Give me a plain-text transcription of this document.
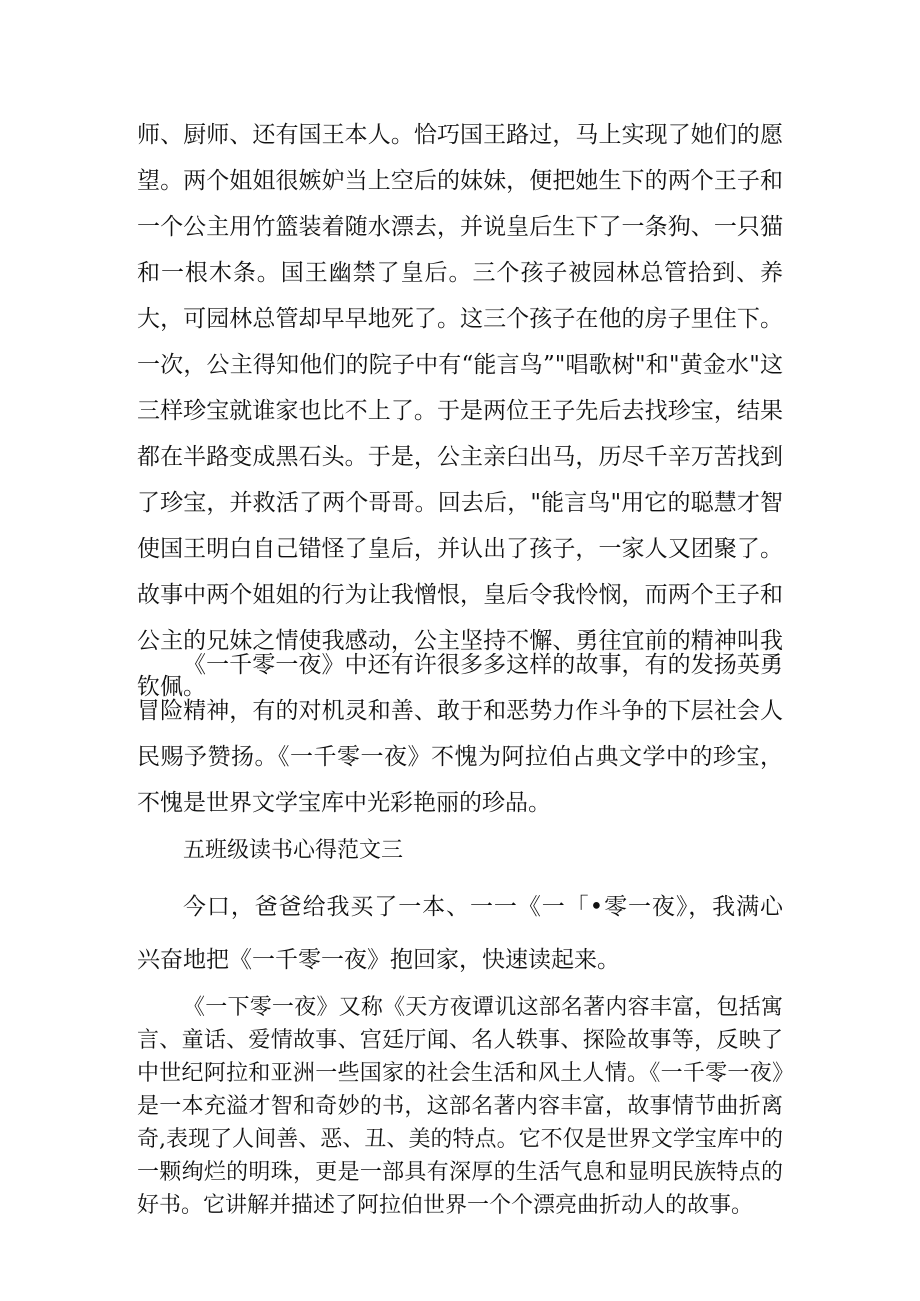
师、厨师、还有国王本人。恰巧国王路过，马上实现了她们的愿望。两个姐姐很嫉妒当上空后的妹妹，便把她生下的两个王子和一个公主用竹篮装着随水漂去，并说皇后生下了一条狗、一只猫和一根木条。国王幽禁了皇后。三个孩子被园林总管拾到、养大，可园林总管却早早地死了。这三个孩子在他的房子里住下。一次，公主得知他们的院子中有“能言鸟”"唱歌树"和"黄金水"这三样珍宝就谁家也比不上了。于是两位王子先后去找珍宝，结果都在半路变成黑石头。于是，公主亲臼出马，历尽千辛万苦找到了珍宝，并救活了两个哥哥。回去后，"能言鸟"用它的聪慧才智使国王明白自己错怪了皇后，并认出了孩子，一家人又团聚了。故事中两个姐姐的行为让我憎恨，皇后令我怜悯，而两个王子和公主的兄妹之情使我感动，公主坚持不懈、勇往宜前的精神叫我钦佩。

《一千零一夜》中还有许很多多这样的故事，有的发扬英勇冒险精神，有的对机灵和善、敢于和恶势力作斗争的下层社会人民赐予赞扬。《一千零一夜》不愧为阿拉伯占典文学中的珍宝，不愧是世界文学宝库中光彩艳丽的珍品。

五班级读书心得范文三

今口，爸爸给我买了一本、一一《一「•零一夜》，我满心兴奋地把《一千零一夜》抱回家，快速读起来。

《一下零一夜》又称《天方夜谭讥这部名著内容丰富，包括寓言、童话、爱情故事、宫廷厅闻、名人轶事、探险故事等，反映了中世纪阿拉和亚洲一些国家的社会生活和风土人情。《一千零一夜》是一本充溢才智和奇妙的书，这部名著内容丰富，故事情节曲折离奇,表现了人间善、恶、丑、美的特点。它不仅是世界文学宝库中的一颗绚烂的明珠，更是一部具有深厚的生活气息和显明民族特点的好书。它讲解并描述了阿拉伯世界一个个漂亮曲折动人的故事。
